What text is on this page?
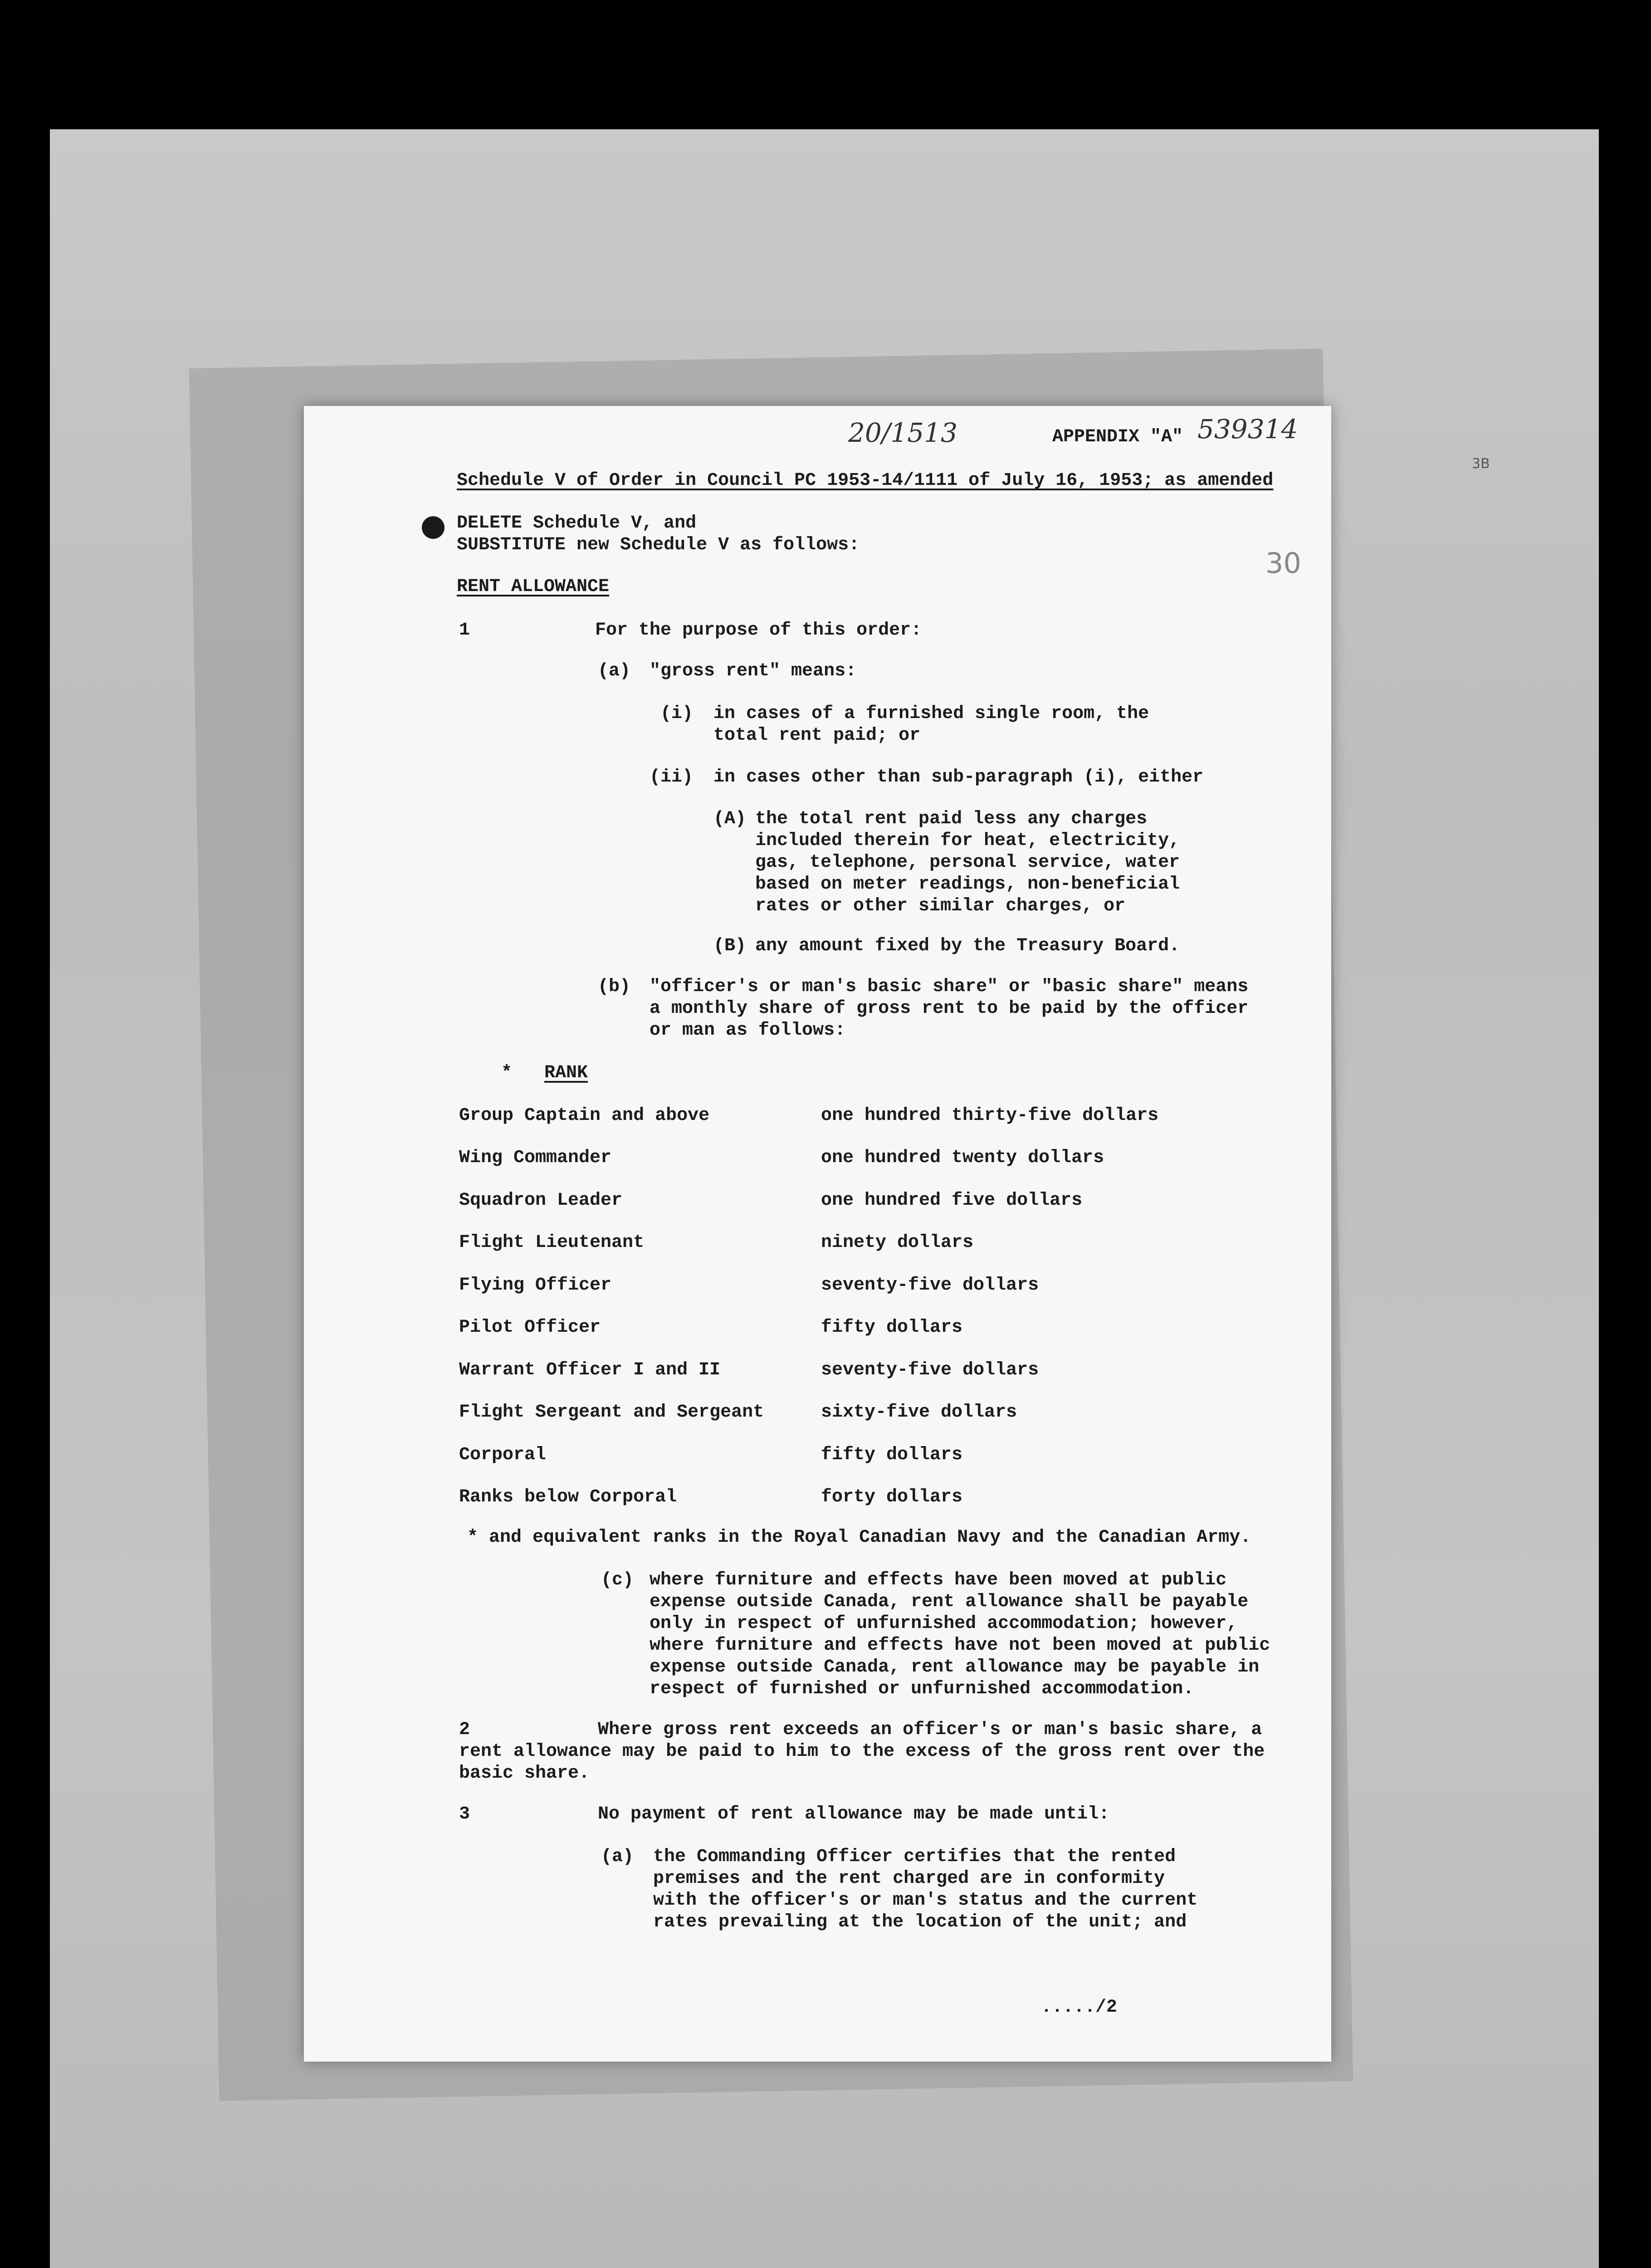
3B
20/1513	APPENDIX "A" 539314
30
Schedule V of Order in Council PC 1953-14/1111 of July 16, 1953; as amended
DELETE Schedule V, and
SUBSTITUTE new Schedule V as follows:
RENT ALLOWANCE
1	For the purpose of this order:
(a) "gross rent" means:
(i) in cases of a furnished single room, the
total rent paid; or
(ii) in cases other than sub-paragraph (i), either
(A) the total rent paid less any charges
included therein for heat, electricity,
gas, telephone, personal service, water
based on meter readings, non-beneficial
rates or other similar charges, or
(B) any amount fixed by the Treasury Board.
(b) "officer's or man's basic share" or "basic share" means
a monthly share of gross rent to be paid by the officer
or man as follows:
* RANK
Group Captain and above	one hundred thirty-five dollars
Wing Commander	one hundred twenty dollars
Squadron Leader	one hundred five dollars
Flight Lieutenant	ninety dollars
Flying Officer	seventy-five dollars
Pilot Officer	fifty dollars
Warrant Officer I and II	seventy-five dollars
Flight Sergeant and Sergeant	sixty-five dollars
Corporal	fifty dollars
Ranks below Corporal	forty dollars
* and equivalent ranks in the Royal Canadian Navy and the Canadian Army.
(c) where furniture and effects have been moved at public
expense outside Canada, rent allowance shall be payable
only in respect of unfurnished accommodation; however,
where furniture and effects have not been moved at public
expense outside Canada, rent allowance may be payable in
respect of furnished or unfurnished accommodation.
2	Where gross rent exceeds an officer's or man's basic share, a
rent allowance may be paid to him to the excess of the gross rent over the
basic share.
3	No payment of rent allowance may be made until:
(a) the Commanding Officer certifies that the rented
premises and the rent charged are in conformity
with the officer's or man's status and the current
rates prevailing at the location of the unit; and
...../2
